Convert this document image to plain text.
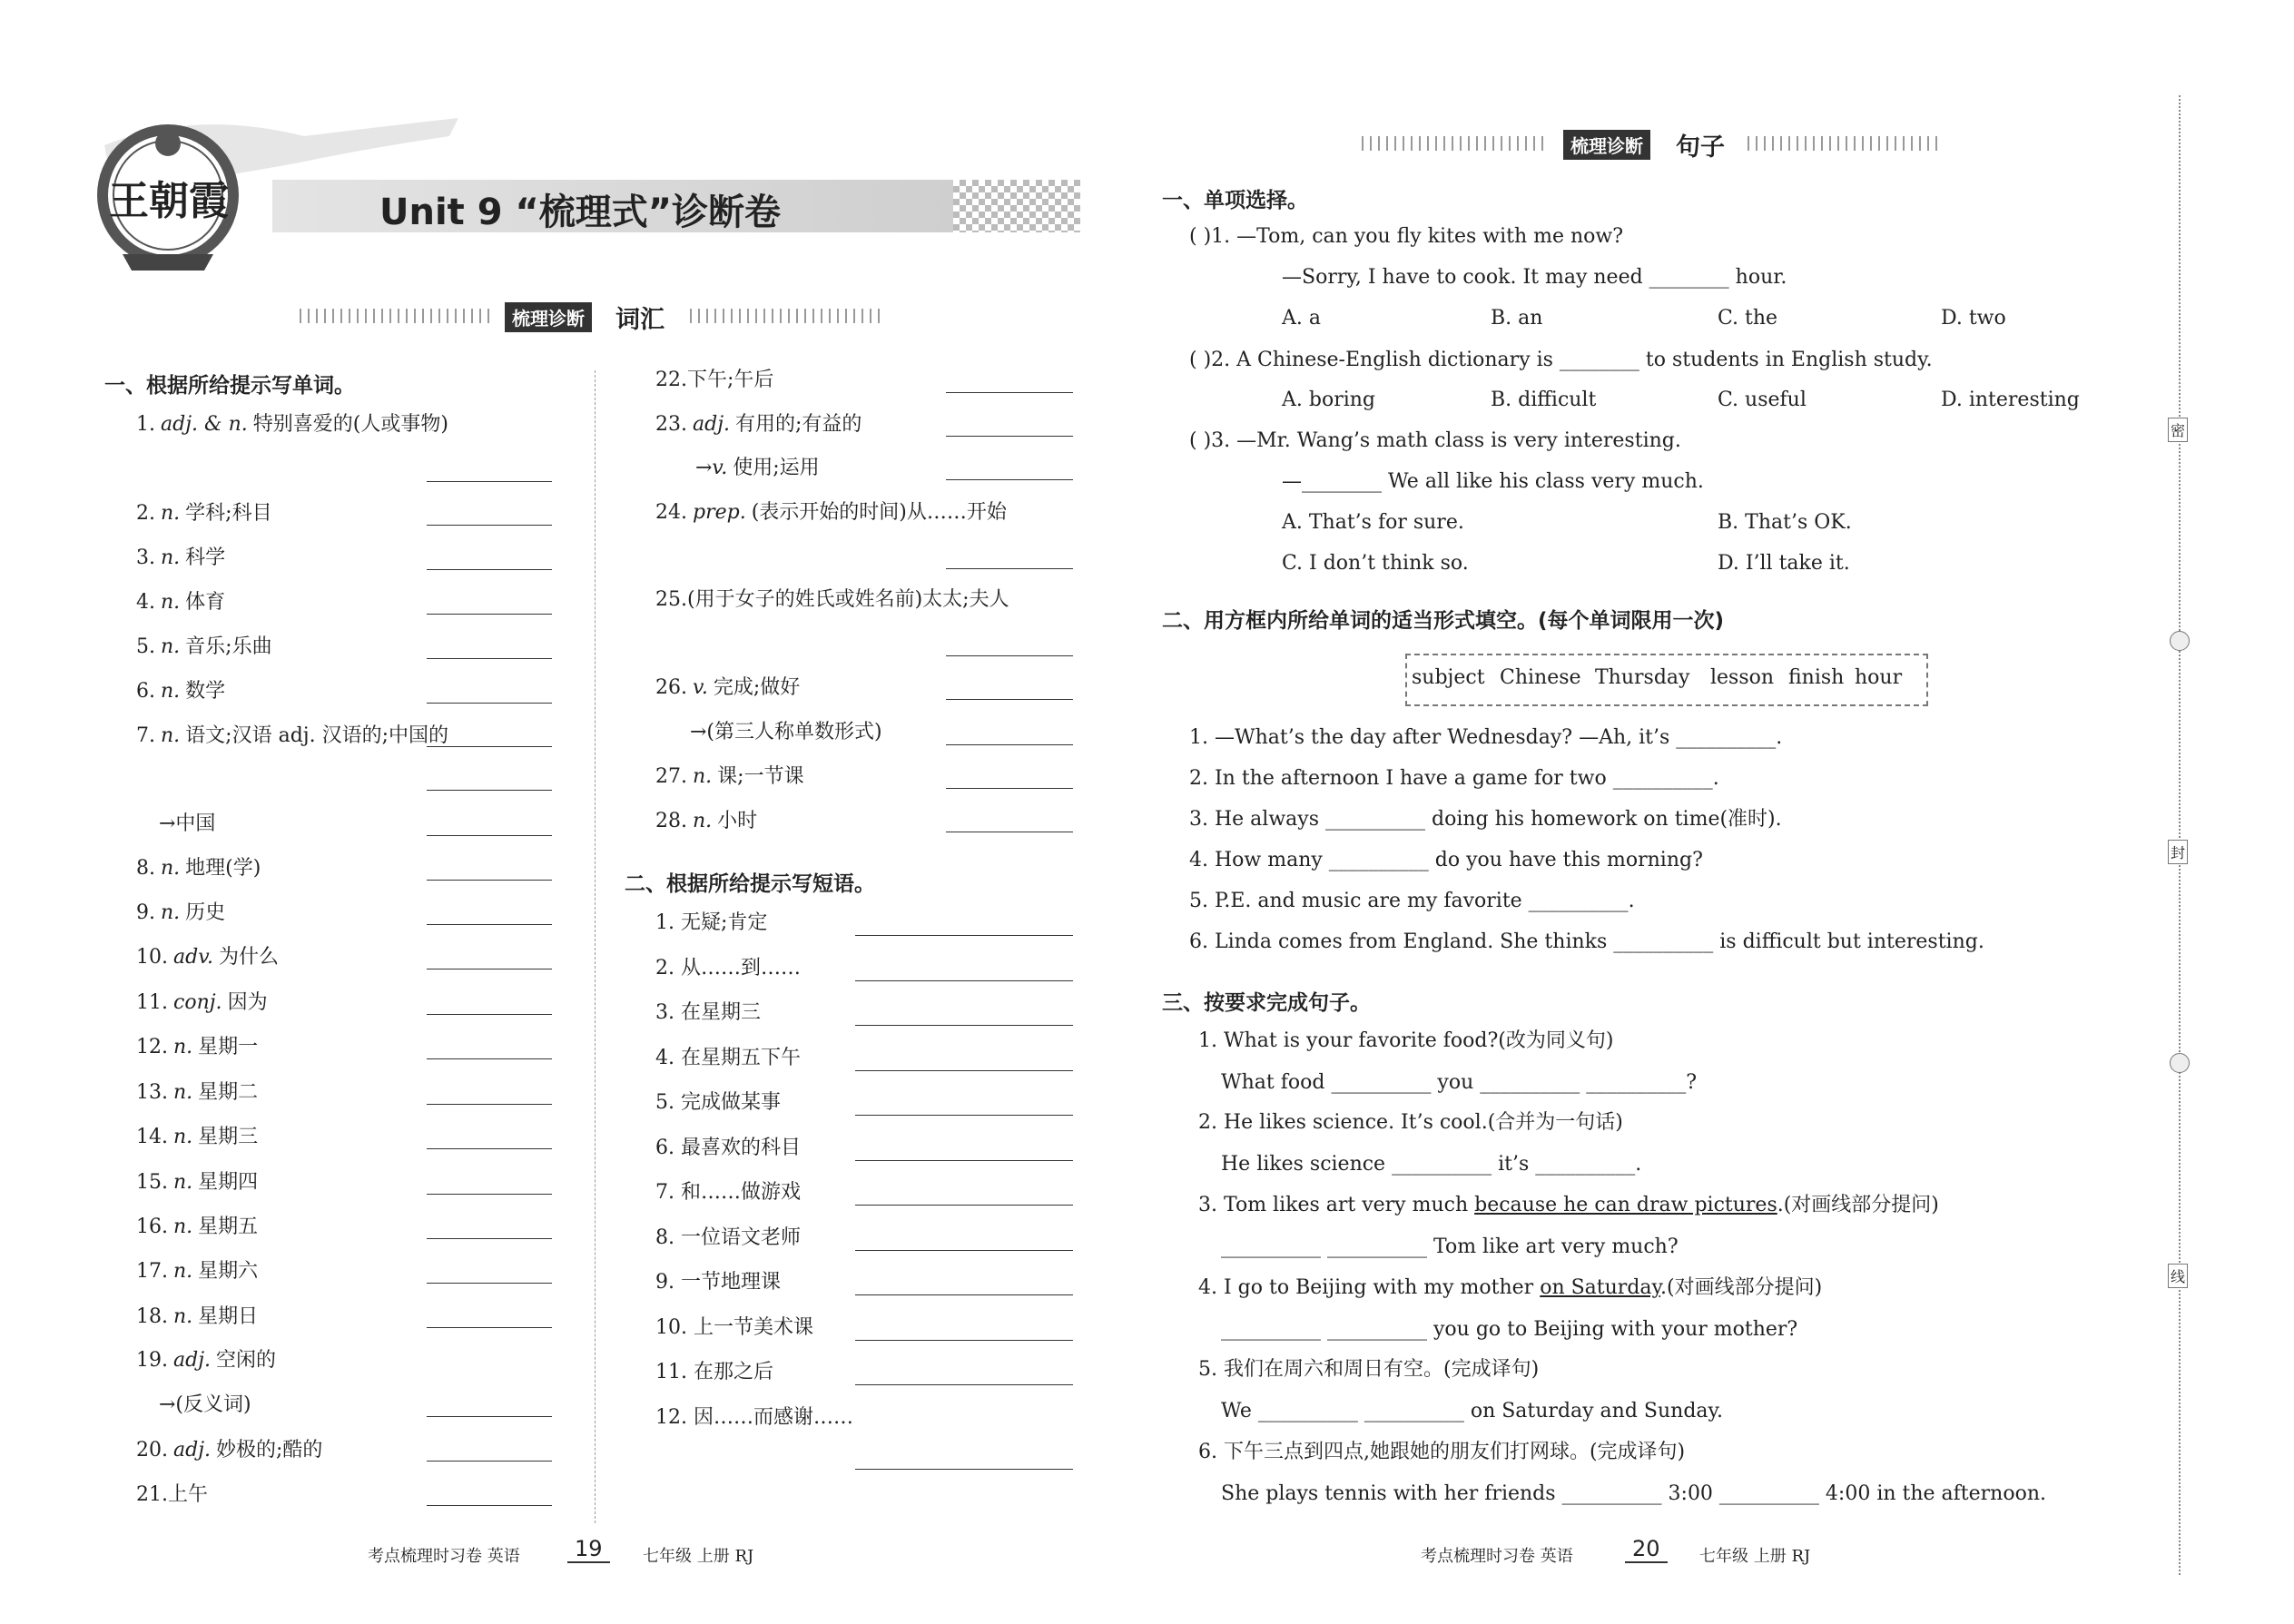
王朝霞	Unit 9 “梳理式”诊断卷
梳理诊断 词汇
一、根据所给提示写单词。
二、根据所给提示写短语。
梳理诊断 句子
一、单项选择。
二、用方框内所给单词的适当形式填空。(每个单词限用一次)
三、按要求完成句子。
1. What is your favorite food?(改为同义句)
What food __________ you __________ __________?
2. He likes science. It’s cool.(合并为一句话)
He likes science __________ it’s __________.
3. Tom likes art very much because he can draw pictures.(对画线部分提问)
__________ __________ Tom like art very much?
4. I go to Beijing with my mother on Saturday.(对画线部分提问)
__________ __________ you go to Beijing with your mother?
5. 我们在周六和周日有空。(完成译句)
We __________ __________ on Saturday and Sunday.
6. 下午三点到四点,她跟她的朋友们打网球。(完成译句)
She plays tennis with her friends __________ 3:00 __________ 4:00 in the afternoon.
密
封
线
考点梳理时习卷 英语	19	七年级 上册 RJ	考点梳理时习卷 英语	20	七年级 上册 RJ
1. adj. & n. 特别喜爱的(人或事物)
2. n. 学科;科目
3. n. 科学
4. n. 体育
5. n. 音乐;乐曲
6. n. 数学
7. n. 语文;汉语 adj. 汉语的;中国的
→中国
8. n. 地理(学)
9. n. 历史
10. adv. 为什么
11. conj. 因为
12. n. 星期一
13. n. 星期二
14. n. 星期三
15. n. 星期四
16. n. 星期五
17. n. 星期六
18. n. 星期日
19. adj. 空闲的
→(反义词)
20. adj. 妙极的;酷的
21.上午
22.下午;午后
23. adj. 有用的;有益的
→v. 使用;运用
24. prep. (表示开始的时间)从……开始
25.(用于女子的姓氏或姓名前)太太;夫人
26. v. 完成;做好
→(第三人称单数形式)
27. n. 课;一节课
28. n. 小时
1. 无疑;肯定
2. 从……到……
3. 在星期三
4. 在星期五下午
5. 完成做某事
6. 最喜欢的科目
7. 和……做游戏
8. 一位语文老师
9. 一节地理课
10. 上一节美术课
11. 在那之后
12. 因……而感谢……
( )1. —Tom, can you fly kites with me now?
—Sorry, I have to cook. It may need ________ hour.
A. a	B. an	C. the	D. two
( )2. A Chinese-English dictionary is ________ to students in English study.
A. boring	B. difficult	C. useful	D. interesting
( )3. —Mr. Wang’s math class is very interesting.
—________ We all like his class very much.
A. That’s for sure.	B. That’s OK.
C. I don’t think so.	D. I’ll take it.
subject Chinese Thursday lesson finish hour
1. —What’s the day after Wednesday? —Ah, it’s __________.
2. In the afternoon I have a game for two __________.
3. He always __________ doing his homework on time(准时).
4. How many __________ do you have this morning?
5. P.E. and music are my favorite __________.
6. Linda comes from England. She thinks __________ is difficult but interesting.
